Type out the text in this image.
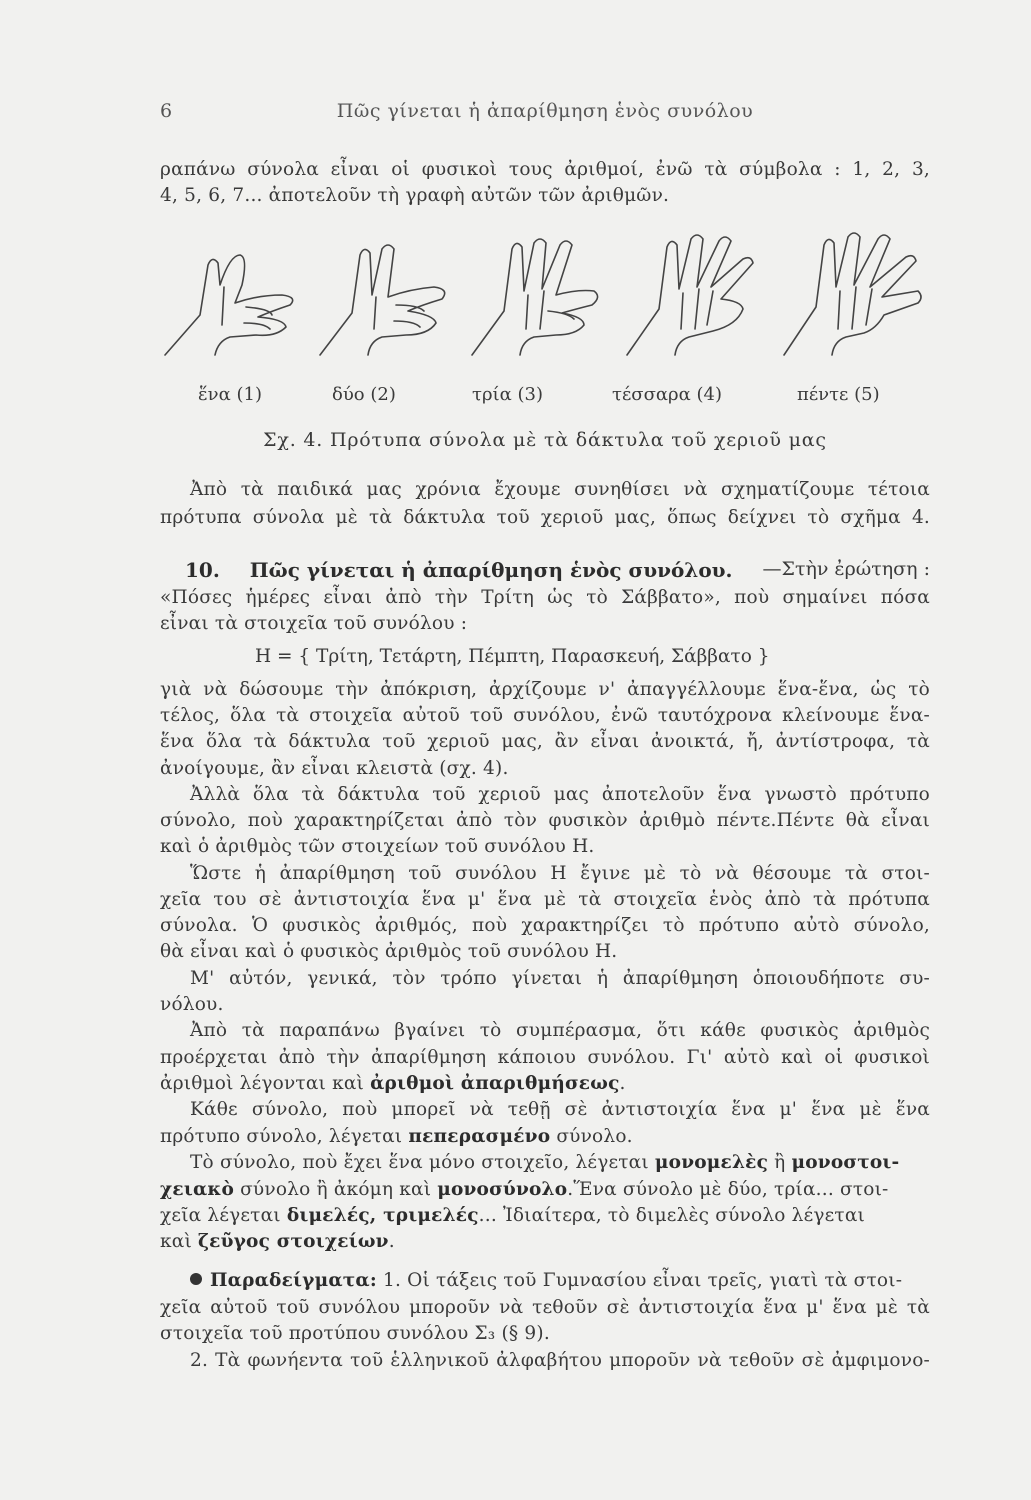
6	Πῶς γίνεται ἡ ἀπαρίθμηση ἑνὸς συνόλου
ραπάνω σύνολα εἶναι οἱ φυσικοὶ τους ἀριθμοί, ἐνῶ τὰ σύμβολα : 1, 2, 3,
4, 5, 6, 7... ἀποτελοῦν τὴ γραφὴ αὐτῶν τῶν ἀριθμῶν.
ἕνα (1)	δύο (2)	τρία (3)	τέσσαρα (4)	πέντε (5)
Σχ. 4. Πρότυπα σύνολα μὲ τὰ δάκτυλα τοῦ χεριοῦ μας
Ἀπὸ τὰ παιδικά μας χρόνια ἔχουμε συνηθίσει νὰ σχηματίζουμε τέτοια
πρότυπα σύνολα μὲ τὰ δάκτυλα τοῦ χεριοῦ μας, ὅπως δείχνει τὸ σχῆμα 4.
10. Πῶς γίνεται ἡ ἀπαρίθμηση ἑνὸς συνόλου. —Στὴν ἐρώτηση :
«Πόσες ἡμέρες εἶναι ἀπὸ τὴν Τρίτη ὡς τὸ Σάββατο», ποὺ σημαίνει πόσα
εἶναι τὰ στοιχεῖα τοῦ συνόλου :
Η = { Τρίτη, Τετάρτη, Πέμπτη, Παρασκευή, Σάββατο }
γιὰ νὰ δώσουμε τὴν ἀπόκριση, ἀρχίζουμε ν' ἀπαγγέλλουμε ἕνα-ἕνα, ὡς τὸ
τέλος, ὅλα τὰ στοιχεῖα αὐτοῦ τοῦ συνόλου, ἐνῶ ταυτόχρονα κλείνουμε ἕνα-
ἕνα ὅλα τὰ δάκτυλα τοῦ χεριοῦ μας, ἂν εἶναι ἀνοικτά, ἤ, ἀντίστροφα, τὰ
ἀνοίγουμε, ἂν εἶναι κλειστὰ (σχ. 4).
Ἀλλὰ ὅλα τὰ δάκτυλα τοῦ χεριοῦ μας ἀποτελοῦν ἕνα γνωστὸ πρότυπο
σύνολο, ποὺ χαρακτηρίζεται ἀπὸ τὸν φυσικὸν ἀριθμὸ πέντε.Πέντε θὰ εἶναι
καὶ ὁ ἀριθμὸς τῶν στοιχείων τοῦ συνόλου Η.
Ὥστε ἡ ἀπαρίθμηση τοῦ συνόλου Η ἔγινε μὲ τὸ νὰ θέσουμε τὰ στοι-
χεῖα του σὲ ἀντιστοιχία ἕνα μ' ἕνα μὲ τὰ στοιχεῖα ἑνὸς ἀπὸ τὰ πρότυπα
σύνολα. Ὁ φυσικὸς ἀριθμός, ποὺ χαρακτηρίζει τὸ πρότυπο αὐτὸ σύνολο,
θὰ εἶναι καὶ ὁ φυσικὸς ἀριθμὸς τοῦ συνόλου Η.
Μ' αὐτόν, γενικά, τὸν τρόπο γίνεται ἡ ἀπαρίθμηση ὁποιουδήποτε συ-
νόλου.
Ἀπὸ τὰ παραπάνω βγαίνει τὸ συμπέρασμα, ὅτι κάθε φυσικὸς ἀριθμὸς
προέρχεται ἀπὸ τὴν ἀπαρίθμηση κάποιου συνόλου. Γι' αὐτὸ καὶ οἱ φυσικοὶ
ἀριθμοὶ λέγονται καὶ ἀριθμοὶ ἀπαριθμήσεως.
Κάθε σύνολο, ποὺ μπορεῖ νὰ τεθῇ σὲ ἀντιστοιχία ἕνα μ' ἕνα μὲ ἕνα
πρότυπο σύνολο, λέγεται πεπερασμένο σύνολο.
Τὸ σύνολο, ποὺ ἔχει ἕνα μόνο στοιχεῖο, λέγεται μονομελὲς ἢ μονοστοι-
χειακὸ σύνολο ἢ ἀκόμη καὶ μονοσύνολο.Ἕνα σύνολο μὲ δύο, τρία... στοι-
χεῖα λέγεται διμελές, τριμελές... Ἰδιαίτερα, τὸ διμελὲς σύνολο λέγεται
καὶ ζεῦγος στοιχείων.
Παραδείγματα: 1. Οἱ τάξεις τοῦ Γυμνασίου εἶναι τρεῖς, γιατὶ τὰ στοι-
χεῖα αὐτοῦ τοῦ συνόλου μποροῦν νὰ τεθοῦν σὲ ἀντιστοιχία ἕνα μ' ἕνα μὲ τὰ
στοιχεῖα τοῦ προτύπου συνόλου Σ₃ (§ 9).
2. Τὰ φωνήεντα τοῦ ἑλληνικοῦ ἀλφαβήτου μποροῦν νὰ τεθοῦν σὲ ἀμφιμονο-
